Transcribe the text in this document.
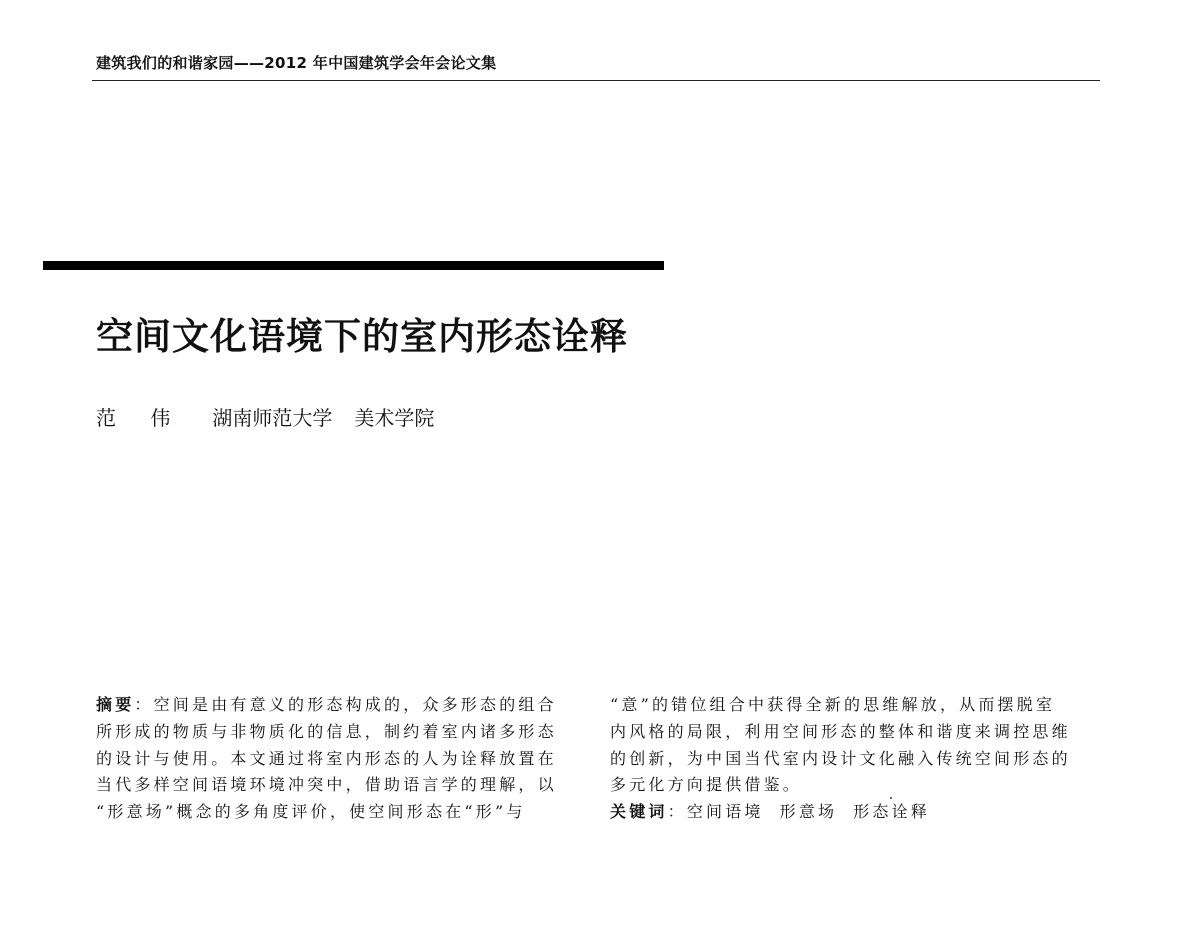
建筑我们的和谐家园——2012 年中国建筑学会年会论文集
空间文化语境下的室内形态诠释
范 伟 湖南师范大学 美术学院
摘要：空间是由有意义的形态构成的，众多形态的组合
所形成的物质与非物质化的信息，制约着室内诸多形态
的设计与使用。本文通过将室内形态的人为诠释放置在
当代多样空间语境环境冲突中，借助语言学的理解，以
“形意场”概念的多角度评价，使空间形态在“形”与
“意”的错位组合中获得全新的思维解放，从而摆脱室
内风格的局限，利用空间形态的整体和谐度来调控思维
的创新，为中国当代室内设计文化融入传统空间形态的
多元化方向提供借鉴。
关键词：空间语境 形意场 形态诠释
